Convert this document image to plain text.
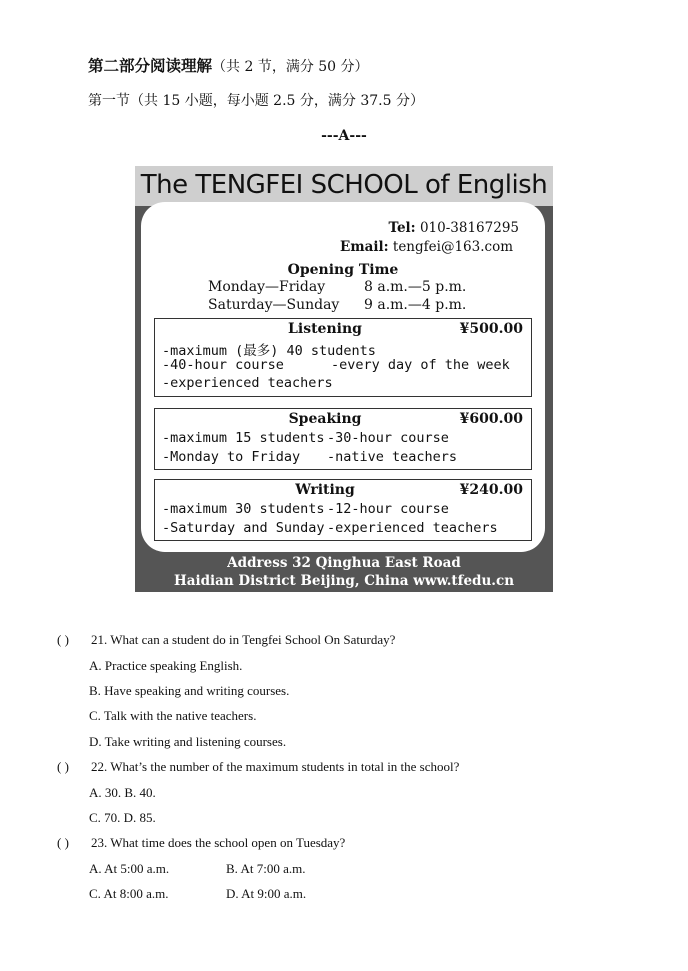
第二部分阅读理解（共 2 节，满分 50 分）
第一节（共 15 小题，每小题 2.5 分，满分 37.5 分）
---A---
The TENGFEI SCHOOL of English
Tel: 010-38167295
Email: tengfei@163.com
Opening Time
Monday—Friday	8 a.m.—5 p.m.
Saturday—Sunday 9 a.m.—4 p.m.
Listening	¥500.00
-maximum (最多) 40 students
-40-hour course	-every day of the week
-experienced teachers
Speaking	¥600.00
-maximum 15 students -30-hour course
-Monday to Friday -native teachers
Writing	¥240.00
-maximum 30 students -12-hour course
-Saturday and Sunday -experienced teachers
Address 32 Qinghua East Road
Haidian District Beijing, China www.tfedu.cn
( ) 21. What can a student do in Tengfei School On Saturday?
A. Practice speaking English.
B. Have speaking and writing courses.
C. Talk with the native teachers.
D. Take writing and listening courses.
( ) 22. What’s the number of the maximum students in total in the school?
A. 30. B. 40.
C. 70. D. 85.
( ) 23. What time does the school open on Tuesday?
A. At 5:00 a.m.	B. At 7:00 a.m.
C. At 8:00 a.m.	D. At 9:00 a.m.
